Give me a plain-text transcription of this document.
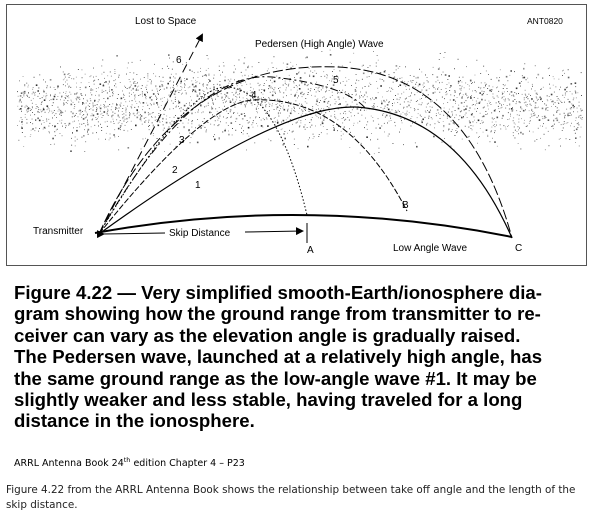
Lost to Space	ANT0820
Pedersen (High Angle) Wave
Transmitter	Skip Distance
Low Angle Wave
1
2
3
4
5
6
A
B
C
Figure 4.22 — Very simplified smooth-Earth/ionosphere dia-
gram showing how the ground range from transmitter to re-
ceiver can vary as the elevation angle is gradually raised.
The Pedersen wave, launched at a relatively high angle, has
the same ground range as the low-angle wave #1. It may be
slightly weaker and less stable, having traveled for a long
distance in the ionosphere.
ARRL Antenna Book 24th edition Chapter 4 – P23
Figure 4.22 from the ARRL Antenna Book shows the relationship between take off angle and the length of the skip distance.
